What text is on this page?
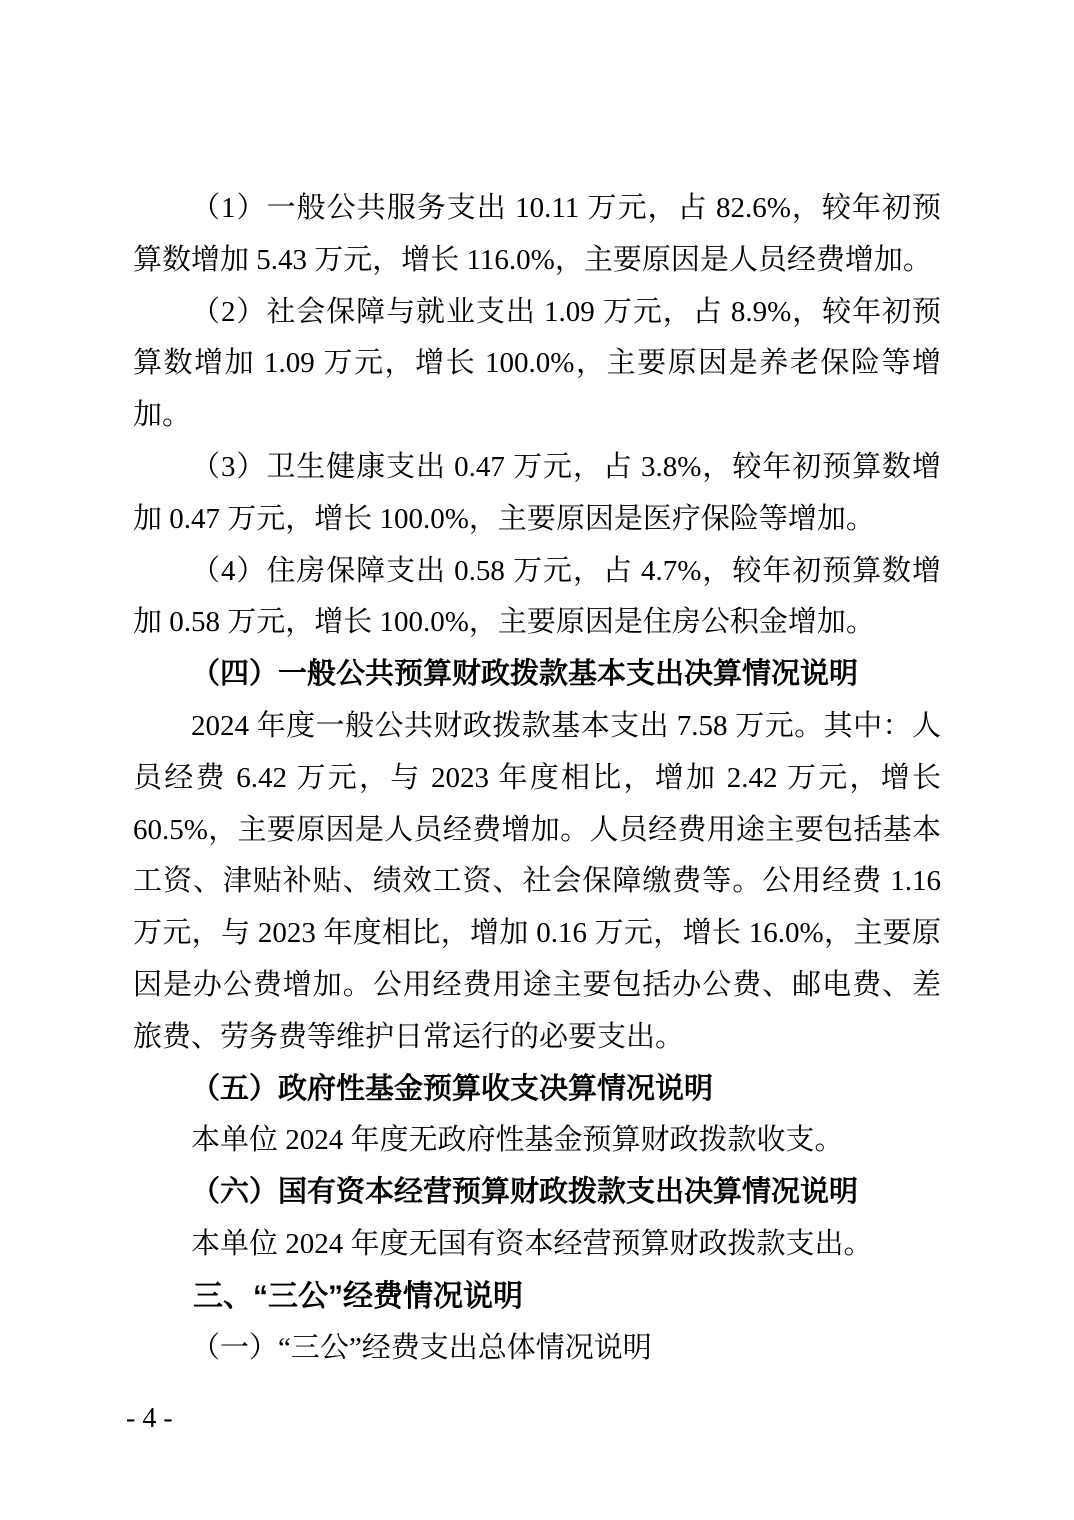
（1）一般公共服务支出 10.11 万元，占 82.6%，较年初预算数增加 5.43 万元，增长 116.0%，主要原因是人员经费增加。

（2）社会保障与就业支出 1.09 万元，占 8.9%，较年初预算数增加 1.09 万元，增长 100.0%，主要原因是养老保险等增加。

（3）卫生健康支出 0.47 万元，占 3.8%，较年初预算数增加 0.47 万元，增长 100.0%，主要原因是医疗保险等增加。

（4）住房保障支出 0.58 万元，占 4.7%，较年初预算数增加 0.58 万元，增长 100.0%，主要原因是住房公积金增加。

（四）一般公共预算财政拨款基本支出决算情况说明

2024 年度一般公共财政拨款基本支出 7.58 万元。其中：人员经费 6.42 万元，与 2023 年度相比，增加 2.42 万元，增长 60.5%，主要原因是人员经费增加。人员经费用途主要包括基本工资、津贴补贴、绩效工资、社会保障缴费等。公用经费 1.16 万元，与 2023 年度相比，增加 0.16 万元，增长 16.0%，主要原因是办公费增加。公用经费用途主要包括办公费、邮电费、差旅费、劳务费等维护日常运行的必要支出。

（五）政府性基金预算收支决算情况说明

本单位 2024 年度无政府性基金预算财政拨款收支。

（六）国有资本经营预算财政拨款支出决算情况说明

本单位 2024 年度无国有资本经营预算财政拨款支出。

三、“三公”经费情况说明

（一）“三公”经费支出总体情况说明

- 4 -
